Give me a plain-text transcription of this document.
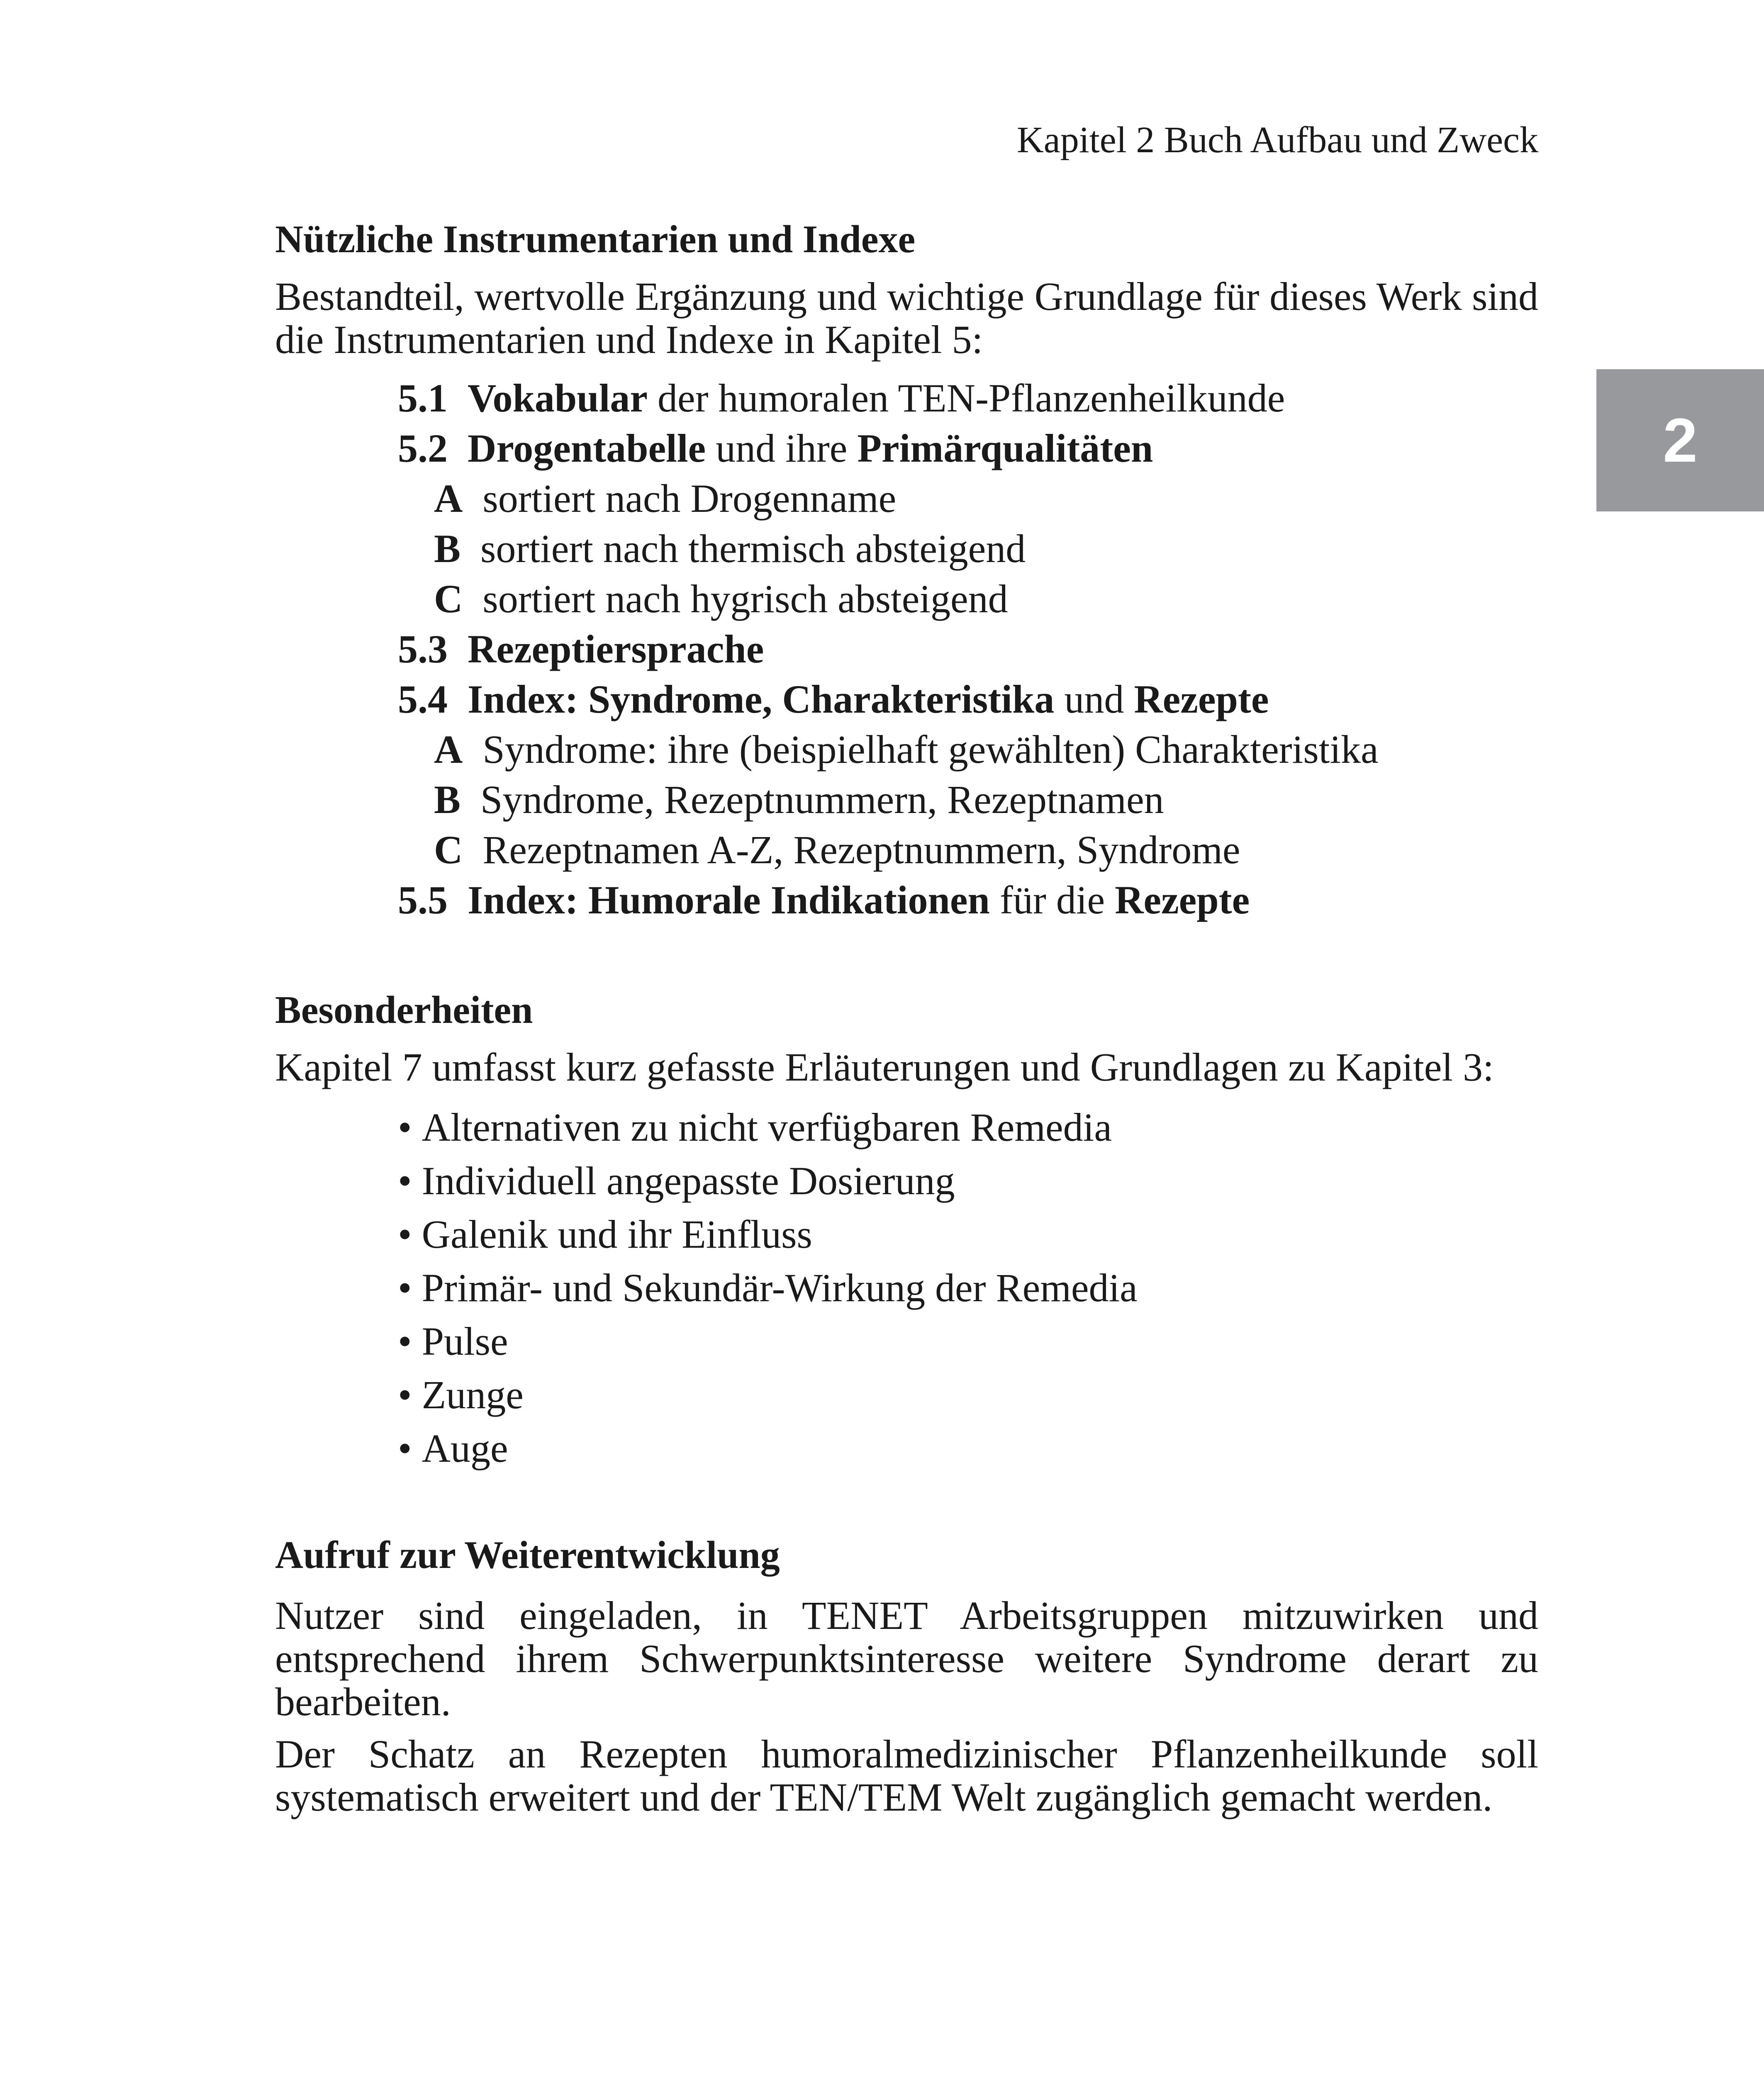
Kapitel 2 Buch Aufbau und Zweck
2

Nützliche Instrumentarien und Indexe

Bestandteil, wertvolle Ergänzung und wichtige Grundlage für dieses Werk sind die Instrumentarien und Indexe in Kapitel 5:

5.1 Vokabular der humoralen TEN-Pflanzenheilkunde
5.2 Drogentabelle und ihre Primärqualitäten
A sortiert nach Drogenname
B sortiert nach thermisch absteigend
C sortiert nach hygrisch absteigend
5.3 Rezeptiersprache
5.4 Index: Syndrome, Charakteristika und Rezepte
A Syndrome: ihre (beispielhaft gewählten) Charakteristika
B Syndrome, Rezeptnummern, Rezeptnamen
C Rezeptnamen A-Z, Rezeptnummern, Syndrome
5.5 Index: Humorale Indikationen für die Rezepte

Besonderheiten

Kapitel 7 umfasst kurz gefasste Erläuterungen und Grundlagen zu Kapitel 3:

• Alternativen zu nicht verfügbaren Remedia
• Individuell angepasste Dosierung
• Galenik und ihr Einfluss
• Primär- und Sekundär-Wirkung der Remedia
• Pulse
• Zunge
• Auge

Aufruf zur Weiterentwicklung

Nutzer sind eingeladen, in TENET Arbeitsgruppen mitzuwirken und entsprechend ihrem Schwerpunktsinteresse weitere Syndrome derart zu bearbeiten.

Der Schatz an Rezepten humoralmedizinischer Pflanzenheilkunde soll systematisch erweitert und der TEN/TEM Welt zugänglich gemacht werden.
